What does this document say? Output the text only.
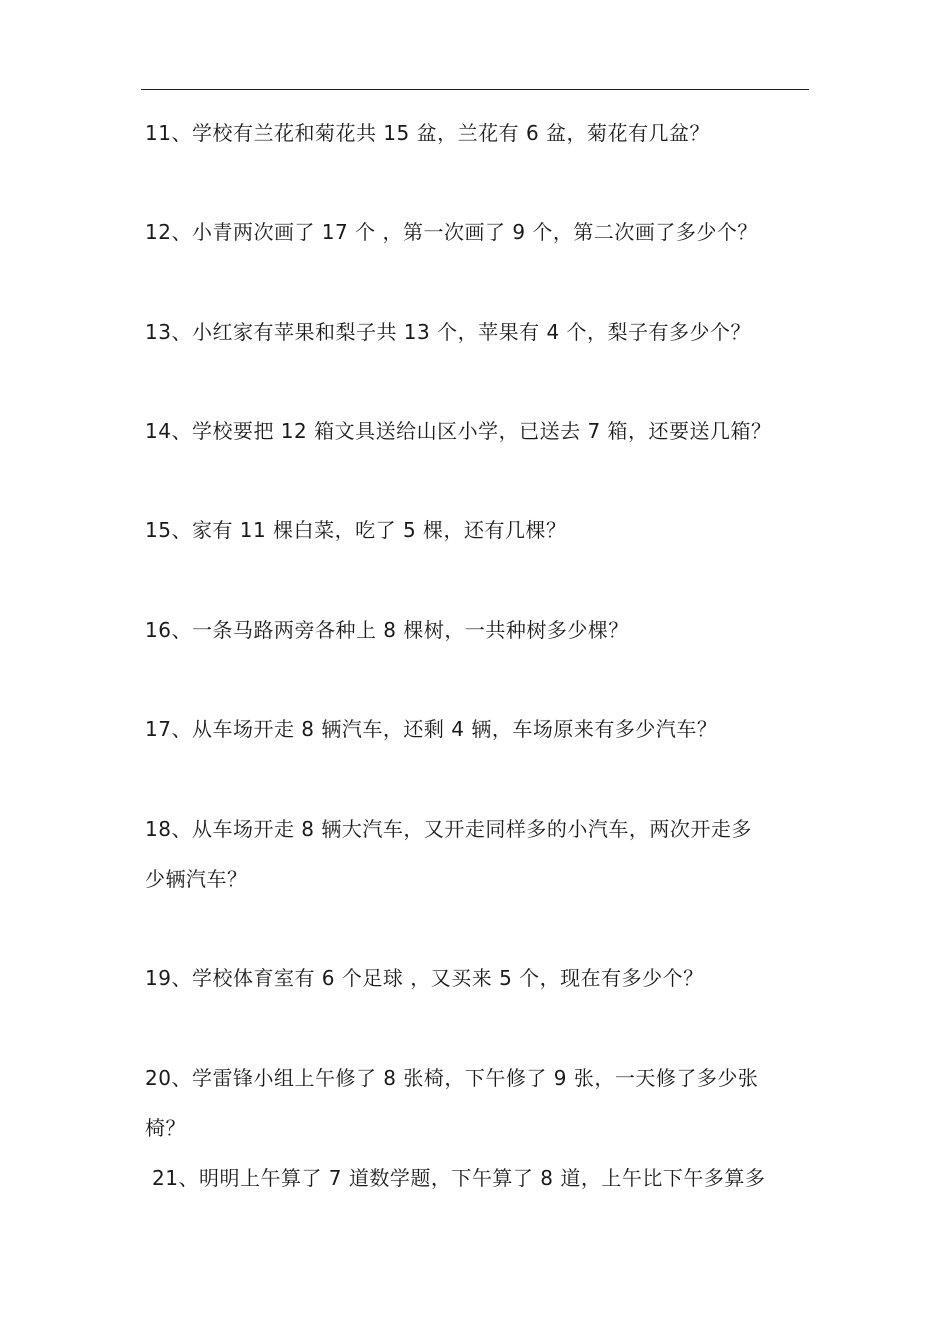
11、学校有兰花和菊花共 15 盆，兰花有 6 盆，菊花有几盆？
12、小青两次画了 17 个 ，第一次画了 9 个，第二次画了多少个？
13、小红家有苹果和梨子共 13 个，苹果有 4 个，梨子有多少个？
14、学校要把 12 箱文具送给山区小学，已送去 7 箱，还要送几箱？
15、家有 11 棵白菜，吃了 5 棵，还有几棵？
16、一条马路两旁各种上 8 棵树，一共种树多少棵？
17、从车场开走 8 辆汽车，还剩 4 辆，车场原来有多少汽车？
18、从车场开走 8 辆大汽车，又开走同样多的小汽车，两次开走多
少辆汽车？
19、学校体育室有 6 个足球 ，又买来 5 个，现在有多少个？
20、学雷锋小组上午修了 8 张椅，下午修了 9 张，一天修了多少张
椅？
21、明明上午算了 7 道数学题，下午算了 8 道，上午比下午多算多
